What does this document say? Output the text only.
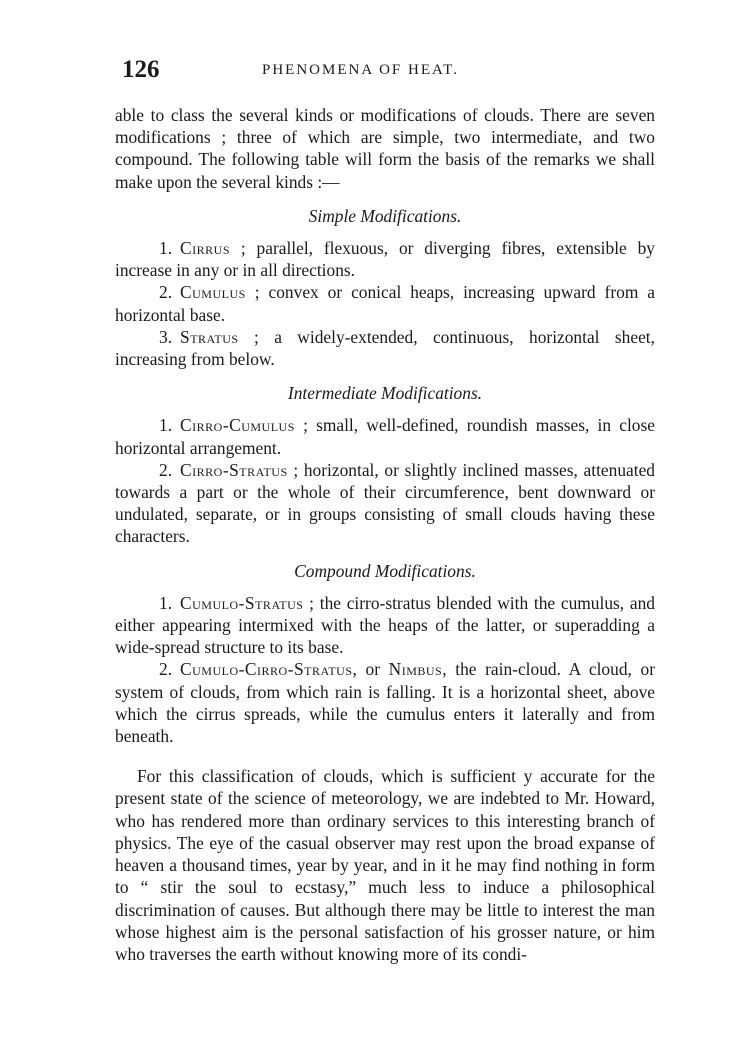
126	PHENOMENA OF HEAT.

able to class the several kinds or modifications of clouds. There are seven modifications ; three of which are simple, two intermediate, and two compound. The following table will form the basis of the remarks we shall make upon the several kinds :—

Simple Modifications.

1. Cirrus ; parallel, flexuous, or diverging fibres, extensible by increase in any or in all directions.

2. Cumulus ; convex or conical heaps, increasing upward from a horizontal base.

3. Stratus ; a widely-extended, continuous, horizontal sheet, increasing from below.

Intermediate Modifications.

1. Cirro-Cumulus ; small, well-defined, roundish masses, in close horizontal arrangement.

2. Cirro-Stratus ; horizontal, or slightly inclined masses, attenuated towards a part or the whole of their circumference, bent downward or undulated, separate, or in groups consisting of small clouds having these characters.

Compound Modifications.

1. Cumulo-Stratus ; the cirro-stratus blended with the cumulus, and either appearing intermixed with the heaps of the latter, or superadding a wide-spread structure to its base.

2. Cumulo-Cirro-Stratus, or Nimbus, the rain-cloud. A cloud, or system of clouds, from which rain is falling. It is a horizontal sheet, above which the cirrus spreads, while the cumulus enters it laterally and from beneath.

For this classification of clouds, which is sufficient y accurate for the present state of the science of meteorology, we are indebted to Mr. Howard, who has rendered more than ordinary services to this interesting branch of physics. The eye of the casual observer may rest upon the broad expanse of heaven a thousand times, year by year, and in it he may find nothing in form to “ stir the soul to ecstasy,” much less to induce a philosophical discrimination of causes. But although there may be little to interest the man whose highest aim is the personal satisfaction of his grosser nature, or him who traverses the earth without knowing more of its condi-
